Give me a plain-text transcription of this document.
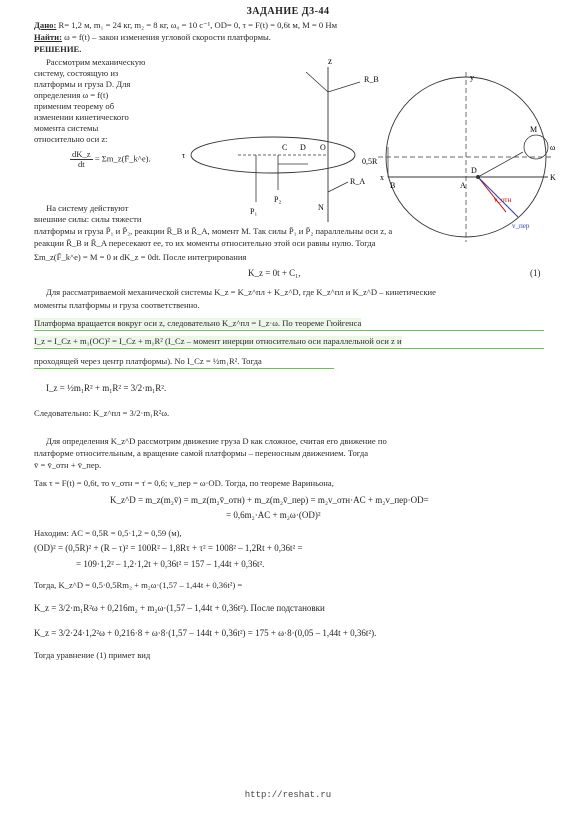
ЗАДАНИЕ Д3-44
Дано: R= 1,2 м, m₁ = 24 кг, m₂ = 8 кг, ω₀ = 10 с⁻¹, OD= 0, τ = F(t) = 0,6t м, M = 0 Нм
Найти: ω = f(t) – закон изменения угловой скорости платформы.
РЕШЕНИЕ.
Рассмотрим механическую
систему, состоящую из
платформы и груза D. Для
определения ω = f(t)
применим теорему об
изменении кинетического
момента системы
относительно оси z:
$\frac{dK\_z}{dt}$ = Σm_z(F̄_k^e).
На систему действуют
внешние силы: силы тяжести
z
R_B
R_A
C D O
τ
P₁
P₂
N
0,5R
D
A
B
K
M
ω
x
y
v_отн
v_пер
платформы и груза P̄₁ и P̄₂, реакции R̄_B и R̄_A, момент M. Так силы P̄₁ и P̄₂ параллельны оси z, а
реакции R̄_B и R̄_A пересекают ее, то их моменты относительно этой оси равны нулю. Тогда
Σm_z(F̄_k^e) = M = 0 и dK_z = 0dt. После интегрирования
K_z = 0t + C₁,	(1)
Для рассматриваемой механической системы K_z = K_z^пл + K_z^D, где K_z^пл и K_z^D – кинетические
моменты платформы и груза соответственно.
Платформа вращается вокруг оси z, следовательно K_z^пл = I_z·ω. По теореме Гюйгенса
I_z = I_Cz + m₁(OC)² = I_Cz + m₁R² (I_Cz – момент инерции относительно оси параллельной оси z и
проходящей через центр платформы). No I_Cz = ½m₁R². Тогда
I_z = ½m₁R² + m₁R² = 3/2·m₁R².
Следовательно: K_z^пл = 3/2·m₁R²ω.
Для определения K_z^D рассмотрим движение груза D как сложное, считая его движение по
платформе относительным, а вращение самой платформы – переносным движением. Тогда
v̄ = v̄_отн + v̄_пер.
Так τ = F(t) = 0,6t, то v_отн = τ̇ = 0,6; v_пер = ω·OD. Тогда, по теореме Вариньона,
K_z^D = m_z(m₂v̄) = m_z(m₂v̄_отн) + m_z(m₂v̄_пер) = m₂v_отн·AC + m₂v_пер·OD=
= 0,6m₂·AC + m₂ω·(OD)²
Находим: AC = 0,5R = 0,5·1,2 = 0,59 (м),
(OD)² = (0,5R)² + (R – τ)² = 100R² – 1,8Rτ + τ² = 1008² – 1,2Rt + 0,36t² =
= 109·1,2² – 1,2·1,2t + 0,36t² = 157 – 1,44t + 0,36t².
Тогда, K_z^D = 0,5·0,5Rm₂ + m₂ω·(1,57 – 1,44t + 0,36t²) =
K_z = 3/2·m₁R²ω + 0,216m₂ + m₂ω·(1,57 – 1,44t + 0,36t²). После подстановки
K_z = 3/2·24·1,2²ω + 0,216·8 + ω·8·(1,57 – 144t + 0,36t²) = 175 + ω·8·(0,05 – 1,44t + 0,36t²).
Тогда уравнение (1) примет вид
http://reshat.ru
